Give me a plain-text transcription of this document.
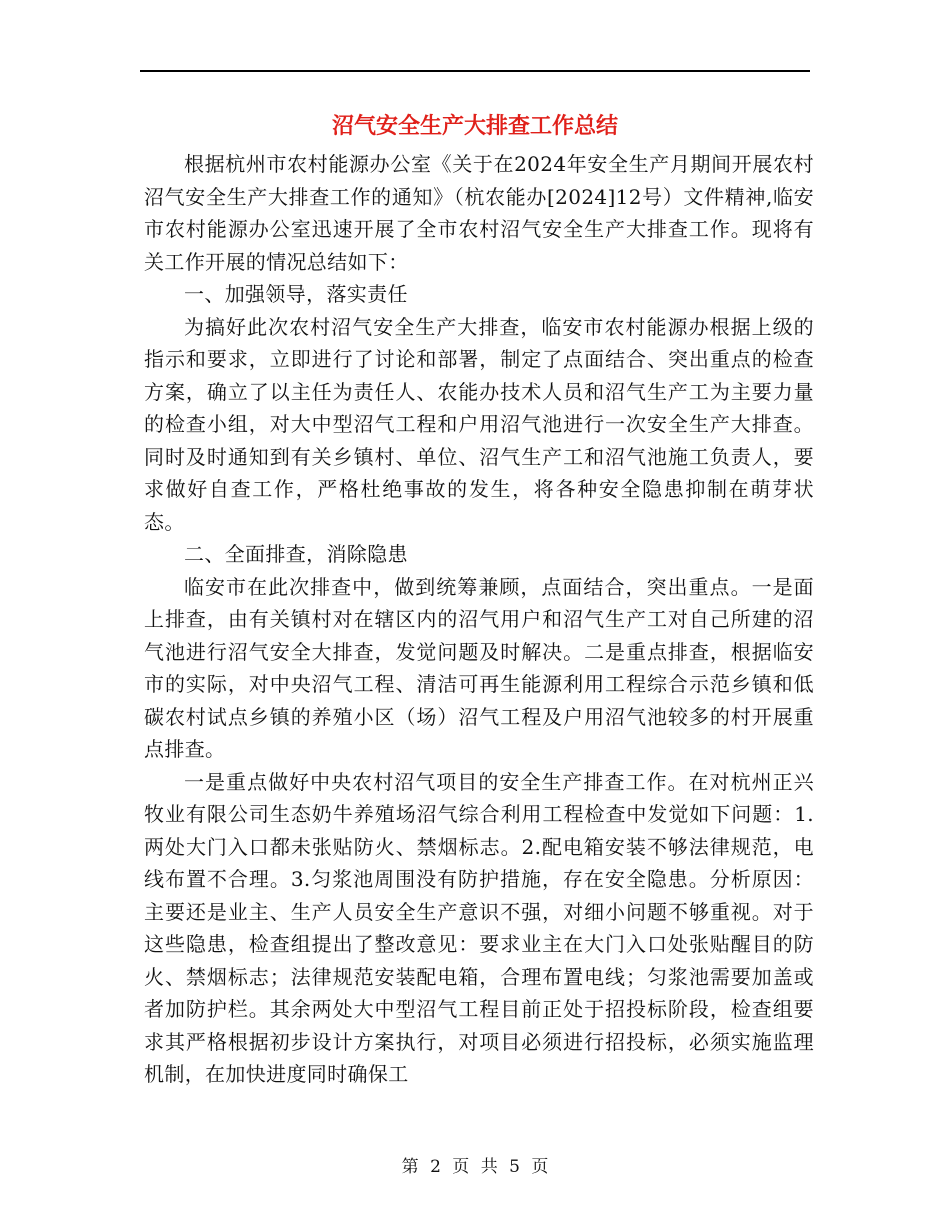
沼气安全生产大排查工作总结

根据杭州市农村能源办公室《关于在2024年安全生产月期间开展农村沼气安全生产大排查工作的通知》（杭农能办[2024]12号）文件精神,临安市农村能源办公室迅速开展了全市农村沼气安全生产大排查工作。现将有关工作开展的情况总结如下：

一、加强领导，落实责任

为搞好此次农村沼气安全生产大排查，临安市农村能源办根据上级的指示和要求，立即进行了讨论和部署，制定了点面结合、突出重点的检查方案，确立了以主任为责任人、农能办技术人员和沼气生产工为主要力量的检查小组，对大中型沼气工程和户用沼气池进行一次安全生产大排查。同时及时通知到有关乡镇村、单位、沼气生产工和沼气池施工负责人，要求做好自查工作，严格杜绝事故的发生，将各种安全隐患抑制在萌芽状态。

二、全面排查，消除隐患

临安市在此次排查中，做到统筹兼顾，点面结合，突出重点。一是面上排查，由有关镇村对在辖区内的沼气用户和沼气生产工对自己所建的沼气池进行沼气安全大排查，发觉问题及时解决。二是重点排查，根据临安市的实际，对中央沼气工程、清洁可再生能源利用工程综合示范乡镇和低碳农村试点乡镇的养殖小区（场）沼气工程及户用沼气池较多的村开展重点排查。

一是重点做好中央农村沼气项目的安全生产排查工作。在对杭州正兴牧业有限公司生态奶牛养殖场沼气综合利用工程检查中发觉如下问题：1.两处大门入口都未张贴防火、禁烟标志。2.配电箱安装不够法律规范，电线布置不合理。3.匀浆池周围没有防护措施，存在安全隐患。分析原因：主要还是业主、生产人员安全生产意识不强，对细小问题不够重视。对于这些隐患，检查组提出了整改意见：要求业主在大门入口处张贴醒目的防火、禁烟标志；法律规范安装配电箱，合理布置电线；匀浆池需要加盖或者加防护栏。其余两处大中型沼气工程目前正处于招投标阶段，检查组要求其严格根据初步设计方案执行，对项目必须进行招投标，必须实施监理机制，在加快进度同时确保工

第 2 页 共 5 页
